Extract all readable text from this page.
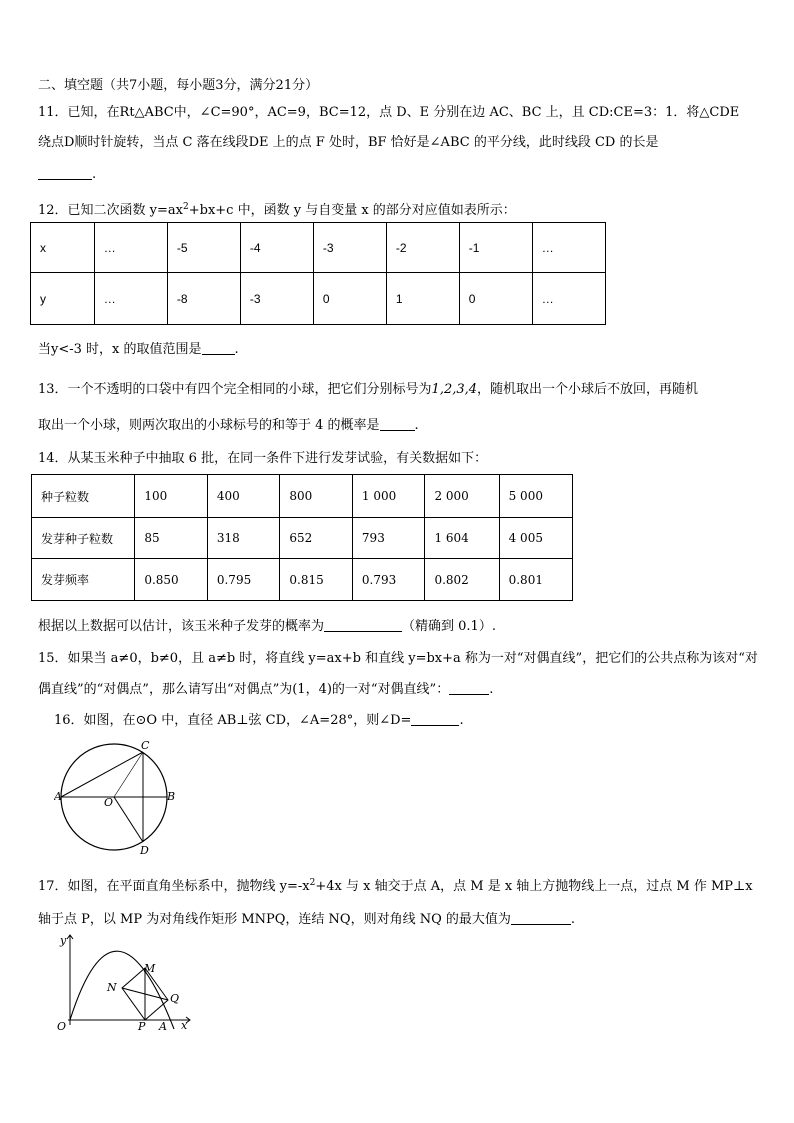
二、填空题（共7小题，每小题3分，满分21分）
11．已知，在Rt△ABC中，∠C=90°，AC=9，BC=12，点 D、E 分别在边 AC、BC 上，且 CD:CE=3：1．将△CDE
绕点D顺时针旋转，当点 C 落在线段DE 上的点 F 处时，BF 恰好是∠ABC 的平分线，此时线段 CD 的长是
.
12．已知二次函数 $y=ax^2+bx+c$ 中，函数 y 与自变量 x 的部分对应值如表所示：
x	…	-5	-4	-3	-2	-1	…
y	…	-8	-3	0	1	0	…
当y<-3 时，x 的取值范围是	.
13．一个不透明的口袋中有四个完全相同的小球，把它们分别标号为1,2,3,4，随机取出一个小球后不放回，再随机
取出一个小球，则两次取出的小球标号的和等于 4 的概率是	.
14．从某玉米种子中抽取 6 批，在同一条件下进行发芽试验，有关数据如下：
种子粒数	100	400	800	1 000	2 000	5 000
发芽种子粒数	85	318	652	793	1 604	4 005
发芽频率	0.850	0.795	0.815	0.793	0.802	0.801
根据以上数据可以估计，该玉米种子发芽的概率为	（精确到 0.1）.
15．如果当 a≠0，b≠0，且 a≠b 时，将直线 y=ax+b 和直线 y=bx+a 称为一对“对偶直线”，把它们的公共点称为该对“对
偶直线”的“对偶点”，那么请写出“对偶点”为(1，4)的一对“对偶直线”：	.
16．如图，在⊙O 中，直径 AB⊥弦 CD，∠A=28°，则∠D=	.
C
A	O	B
D
17．如图，在平面直角坐标系中，抛物线 $y=-x^2+4x$ 与 x 轴交于点 A，点 M 是 x 轴上方抛物线上一点，过点 M 作 MP⊥x
轴于点 P，以 MP 为对角线作矩形 MNPQ，连结 NQ，则对角线 NQ 的最大值为	.
y
x
O
M
N
Q
P A
